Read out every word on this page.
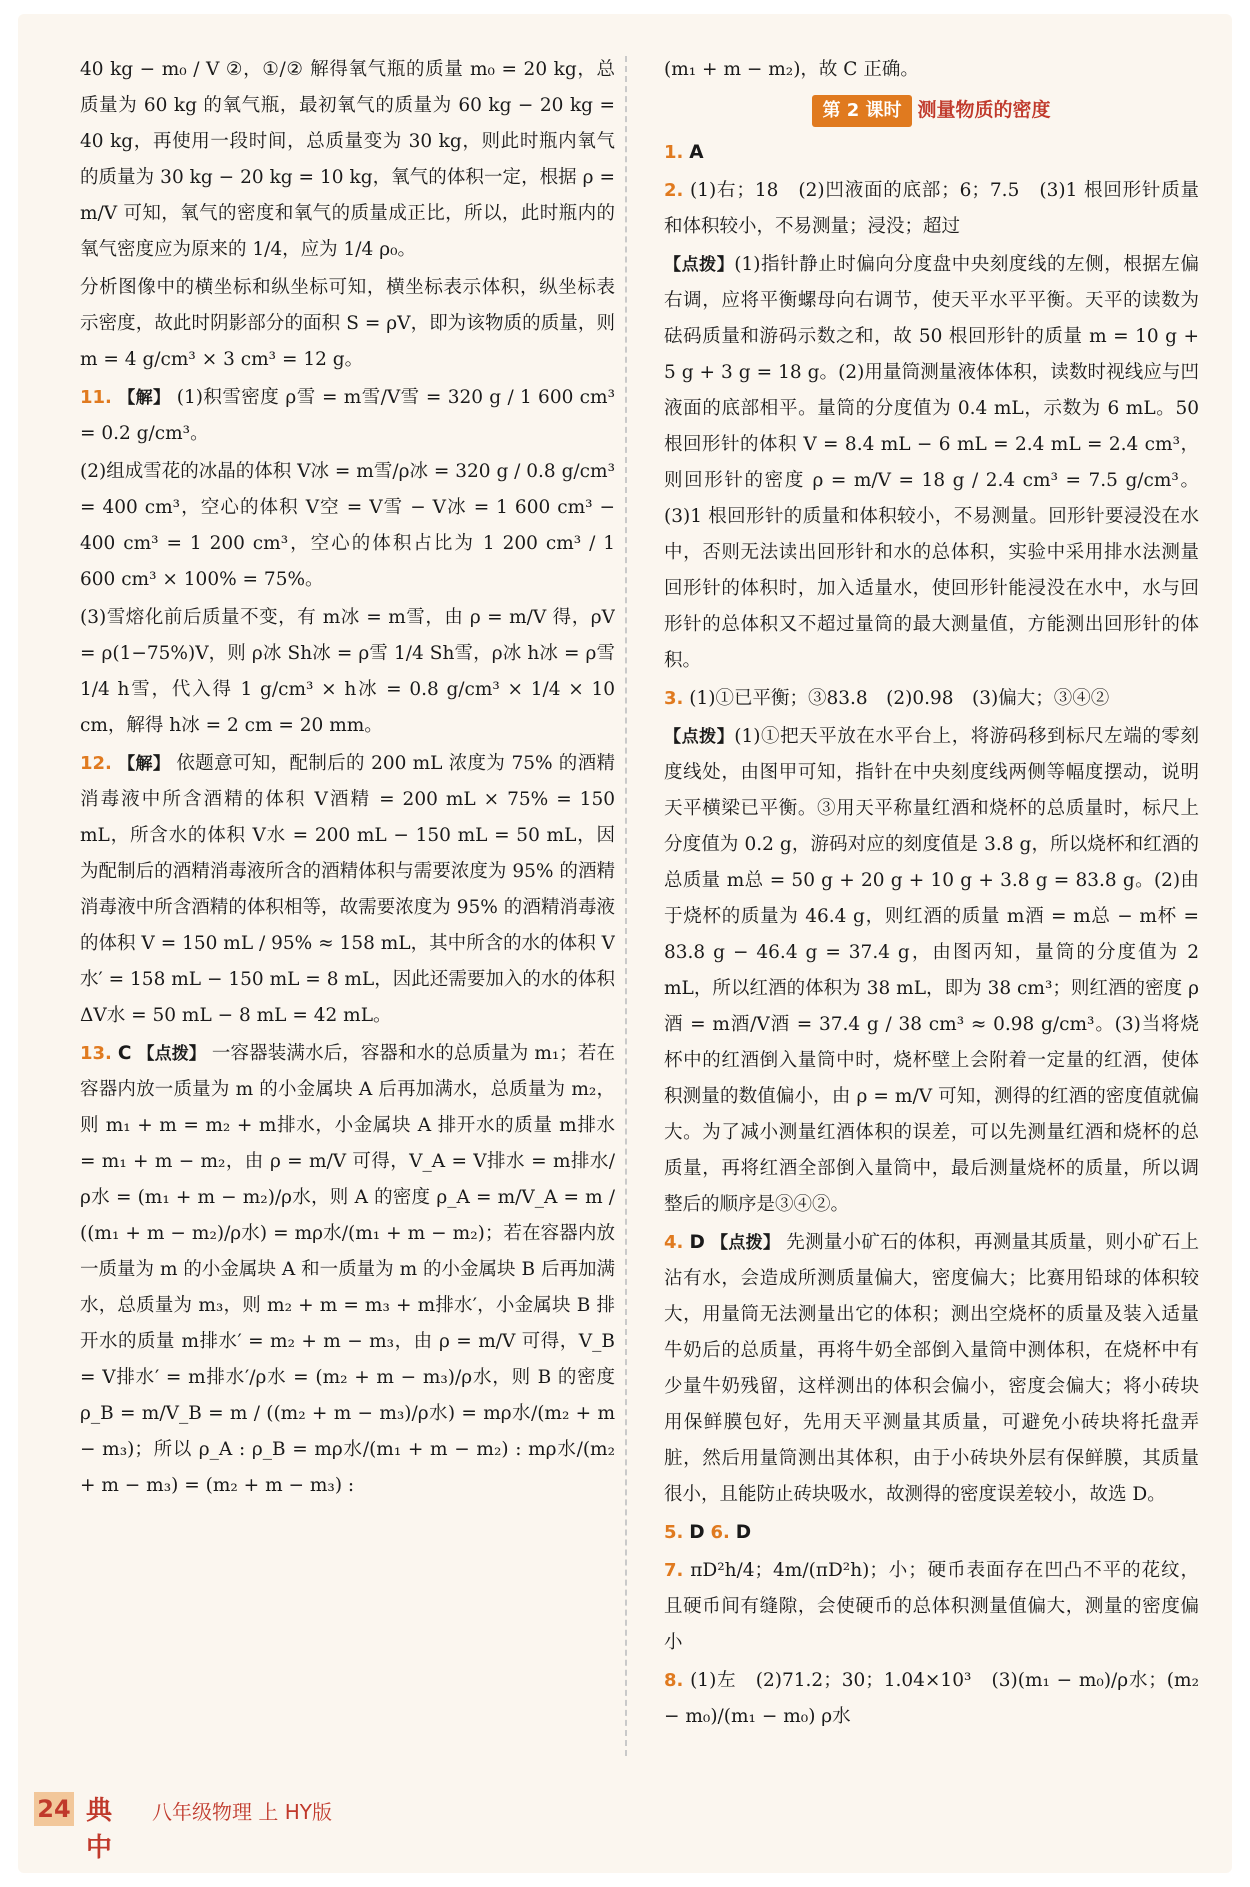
40 kg − m₀ / V ②，①/② 解得氧气瓶的质量 m₀ = 20 kg，总质量为 60 kg 的氧气瓶，最初氧气的质量为 60 kg − 20 kg = 40 kg，再使用一段时间，总质量变为 30 kg，则此时瓶内氧气的质量为 30 kg − 20 kg = 10 kg，氧气的体积一定，根据 ρ = m/V 可知，氧气的密度和氧气的质量成正比，所以，此时瓶内的氧气密度应为原来的 1/4，应为 1/4 ρ₀。

分析图像中的横坐标和纵坐标可知，横坐标表示体积，纵坐标表示密度，故此时阴影部分的面积 S = ρV，即为该物质的质量，则 m = 4 g/cm³ × 3 cm³ = 12 g。

11. 【解】 (1)积雪密度 ρ雪 = m雪/V雪 = 320 g / 1 600 cm³ = 0.2 g/cm³。

(2)组成雪花的冰晶的体积 V冰 = m雪/ρ冰 = 320 g / 0.8 g/cm³ = 400 cm³，空心的体积 V空 = V雪 − V冰 = 1 600 cm³ − 400 cm³ = 1 200 cm³，空心的体积占比为 1 200 cm³ / 1 600 cm³ × 100% = 75%。

(3)雪熔化前后质量不变，有 m冰 = m雪，由 ρ = m/V 得，ρV = ρ(1−75%)V，则 ρ冰 Sh冰 = ρ雪 1/4 Sh雪，ρ冰 h冰 = ρ雪 1/4 h雪，代入得 1 g/cm³ × h冰 = 0.8 g/cm³ × 1/4 × 10 cm，解得 h冰 = 2 cm = 20 mm。

12. 【解】 依题意可知，配制后的 200 mL 浓度为 75% 的酒精消毒液中所含酒精的体积 V酒精 = 200 mL × 75% = 150 mL，所含水的体积 V水 = 200 mL − 150 mL = 50 mL，因为配制后的酒精消毒液所含的酒精体积与需要浓度为 95% 的酒精消毒液中所含酒精的体积相等，故需要浓度为 95% 的酒精消毒液的体积 V = 150 mL / 95% ≈ 158 mL，其中所含的水的体积 V水′ = 158 mL − 150 mL = 8 mL，因此还需要加入的水的体积 ΔV水 = 50 mL − 8 mL = 42 mL。

13. C 【点拨】 一容器装满水后，容器和水的总质量为 m₁；若在容器内放一质量为 m 的小金属块 A 后再加满水，总质量为 m₂，则 m₁ + m = m₂ + m排水，小金属块 A 排开水的质量 m排水 = m₁ + m − m₂，由 ρ = m/V 可得，V_A = V排水 = m排水/ρ水 = (m₁ + m − m₂)/ρ水，则 A 的密度 ρ_A = m/V_A = m / ((m₁ + m − m₂)/ρ水) = mρ水/(m₁ + m − m₂)；若在容器内放一质量为 m 的小金属块 A 和一质量为 m 的小金属块 B 后再加满水，总质量为 m₃，则 m₂ + m = m₃ + m排水′，小金属块 B 排开水的质量 m排水′ = m₂ + m − m₃，由 ρ = m/V 可得，V_B = V排水′ = m排水′/ρ水 = (m₂ + m − m₃)/ρ水，则 B 的密度 ρ_B = m/V_B = m / ((m₂ + m − m₃)/ρ水) = mρ水/(m₂ + m − m₃)；所以 ρ_A : ρ_B = mρ水/(m₁ + m − m₂) : mρ水/(m₂ + m − m₃) = (m₂ + m − m₃) :

(m₁ + m − m₂)，故 C 正确。

第 2 课时 测量物质的密度

1. A

2. (1)右；18　(2)凹液面的底部；6；7.5　(3)1 根回形针质量和体积较小，不易测量；浸没；超过

【点拨】(1)指针静止时偏向分度盘中央刻度线的左侧，根据左偏右调，应将平衡螺母向右调节，使天平水平平衡。天平的读数为砝码质量和游码示数之和，故 50 根回形针的质量 m = 10 g + 5 g + 3 g = 18 g。(2)用量筒测量液体体积，读数时视线应与凹液面的底部相平。量筒的分度值为 0.4 mL，示数为 6 mL。50 根回形针的体积 V = 8.4 mL − 6 mL = 2.4 mL = 2.4 cm³，则回形针的密度 ρ = m/V = 18 g / 2.4 cm³ = 7.5 g/cm³。(3)1 根回形针的质量和体积较小，不易测量。回形针要浸没在水中，否则无法读出回形针和水的总体积，实验中采用排水法测量回形针的体积时，加入适量水，使回形针能浸没在水中，水与回形针的总体积又不超过量筒的最大测量值，方能测出回形针的体积。

3. (1)①已平衡；③83.8　(2)0.98　(3)偏大；③④②

【点拨】(1)①把天平放在水平台上，将游码移到标尺左端的零刻度线处，由图甲可知，指针在中央刻度线两侧等幅度摆动，说明天平横梁已平衡。③用天平称量红酒和烧杯的总质量时，标尺上分度值为 0.2 g，游码对应的刻度值是 3.8 g，所以烧杯和红酒的总质量 m总 = 50 g + 20 g + 10 g + 3.8 g = 83.8 g。(2)由于烧杯的质量为 46.4 g，则红酒的质量 m酒 = m总 − m杯 = 83.8 g − 46.4 g = 37.4 g，由图丙知，量筒的分度值为 2 mL，所以红酒的体积为 38 mL，即为 38 cm³；则红酒的密度 ρ酒 = m酒/V酒 = 37.4 g / 38 cm³ ≈ 0.98 g/cm³。(3)当将烧杯中的红酒倒入量筒中时，烧杯壁上会附着一定量的红酒，使体积测量的数值偏小，由 ρ = m/V 可知，测得的红酒的密度值就偏大。为了减小测量红酒体积的误差，可以先测量红酒和烧杯的总质量，再将红酒全部倒入量筒中，最后测量烧杯的质量，所以调整后的顺序是③④②。

4. D 【点拨】 先测量小矿石的体积，再测量其质量，则小矿石上沾有水，会造成所测质量偏大，密度偏大；比赛用铅球的体积较大，用量筒无法测量出它的体积；测出空烧杯的质量及装入适量牛奶后的总质量，再将牛奶全部倒入量筒中测体积，在烧杯中有少量牛奶残留，这样测出的体积会偏小，密度会偏大；将小砖块用保鲜膜包好，先用天平测量其质量，可避免小砖块将托盘弄脏，然后用量筒测出其体积，由于小砖块外层有保鲜膜，其质量很小，且能防止砖块吸水，故测得的密度误差较小，故选 D。

5. D 6. D

7. πD²h/4；4m/(πD²h)；小；硬币表面存在凹凸不平的花纹，且硬币间有缝隙，会使硬币的总体积测量值偏大，测量的密度偏小

8. (1)左　(2)71.2；30；1.04×10³　(3)(m₁ − m₀)/ρ水；(m₂ − m₀)/(m₁ − m₀) ρ水

24 典中
八年级物理 上 HY版
